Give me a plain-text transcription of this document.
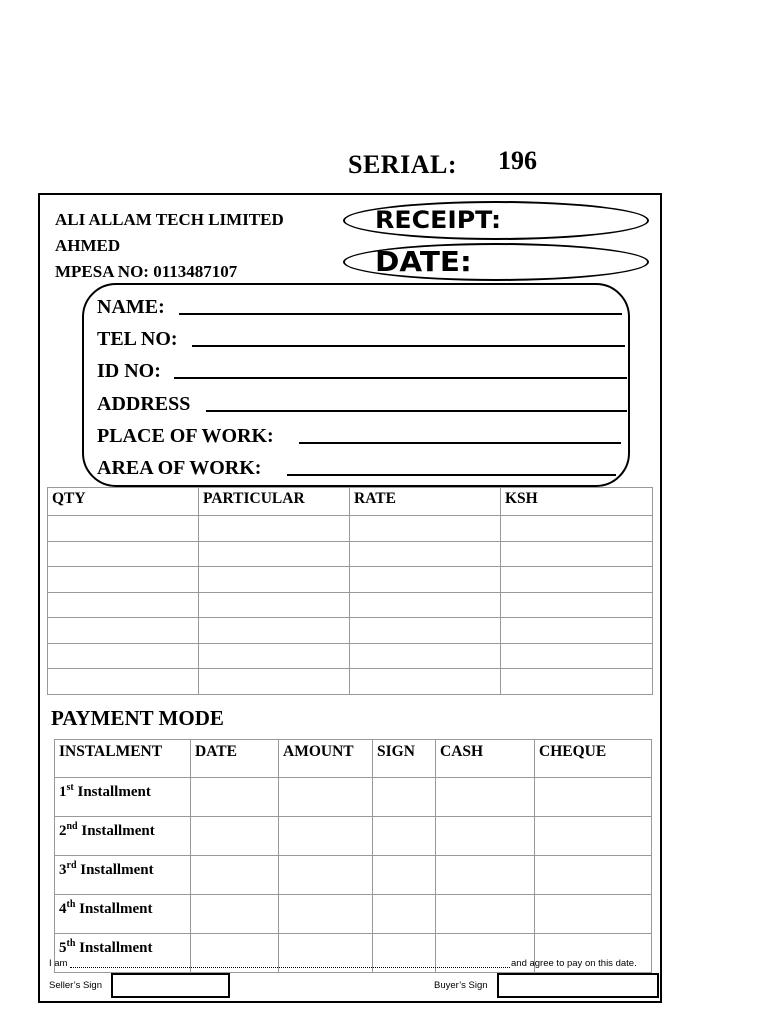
SERIAL: 196
ALI ALLAM TECH LIMITED
AHMED
MPESA NO: 0113487107
RECEIPT:
DATE:
NAME:
TEL NO:
ID NO:
ADDRESS
PLACE OF WORK:
AREA OF WORK:
QTY	PARTICULAR	RATE	KSH

PAYMENT MODE
INSTALMENT	DATE	AMOUNT	SIGN	CASH	CHEQUE
1st Installment					
2nd Installment					
3rd Installment					
4th Installment					
5th Installment					
I am	and agree to pay on this date.
Seller’s Sign	Buyer’s Sign
